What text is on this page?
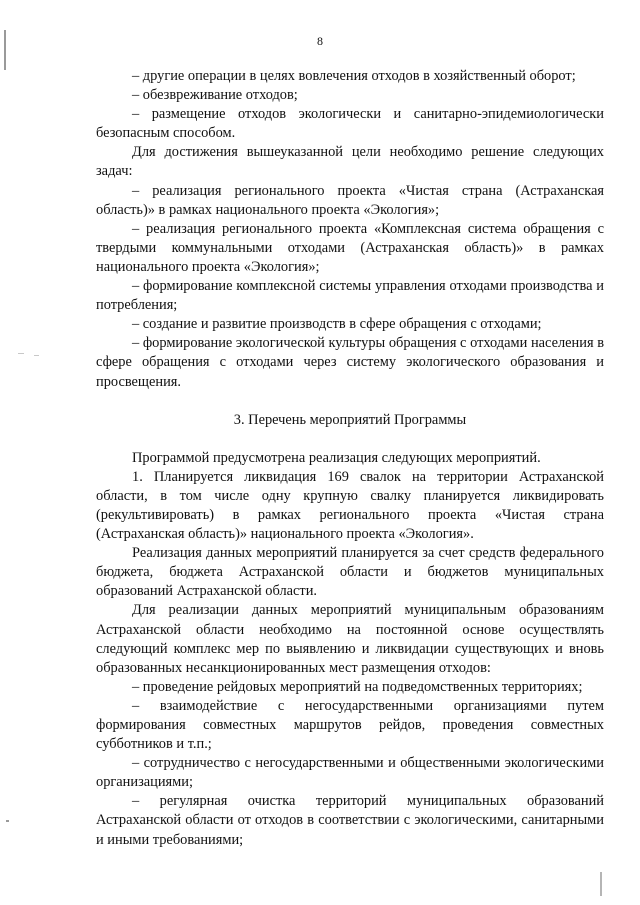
8

– другие операции в целях вовлечения отходов в хозяйственный оборот;

– обезвреживание отходов;

– размещение отходов экологически и санитарно-эпидемиологически безопасным способом.

Для достижения вышеуказанной цели необходимо решение следующих задач:

– реализация регионального проекта «Чистая страна (Астраханская область)» в рамках национального проекта «Экология»;

– реализация регионального проекта «Комплексная система обращения с твердыми коммунальными отходами (Астраханская область)» в рамках национального проекта «Экология»;

– формирование комплексной системы управления отходами производства и потребления;

– создание и развитие производств в сфере обращения с отходами;

– формирование экологической культуры обращения с отходами населения в сфере обращения с отходами через систему экологического образования и просвещения.

3. Перечень мероприятий Программы

Программой предусмотрена реализация следующих мероприятий.

1. Планируется ликвидация 169 свалок на территории Астраханской области, в том числе одну крупную свалку планируется ликвидировать (рекультивировать) в рамках регионального проекта «Чистая страна (Астраханская область)» национального проекта «Экология».

Реализация данных мероприятий планируется за счет средств федерального бюджета, бюджета Астраханской области и бюджетов муниципальных образований Астраханской области.

Для реализации данных мероприятий муниципальным образованиям Астраханской области необходимо на постоянной основе осуществлять следующий комплекс мер по выявлению и ликвидации существующих и вновь образованных несанкционированных мест размещения отходов:

– проведение рейдовых мероприятий на подведомственных территориях;

– взаимодействие с негосударственными организациями путем формирования совместных маршрутов рейдов, проведения совместных субботников и т.п.;

– сотрудничество с негосударственными и общественными экологическими организациями;

– регулярная очистка территорий муниципальных образований Астраханской области от отходов в соответствии с экологическими, санитарными и иными требованиями;
